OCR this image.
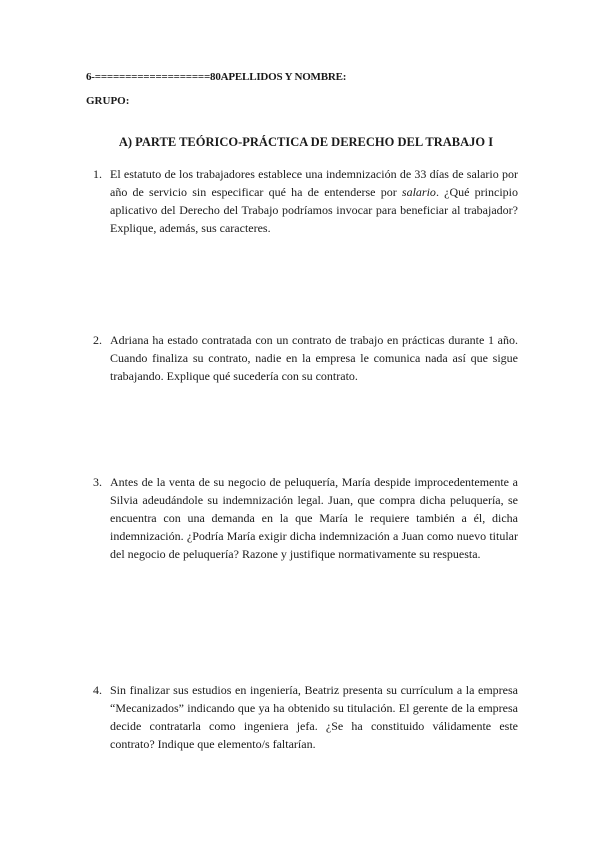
6-===================80APELLIDOS Y NOMBRE:
GRUPO:
A) PARTE TEÓRICO-PRÁCTICA DE DERECHO DEL TRABAJO I
1. El estatuto de los trabajadores establece una indemnización de 33 días de salario por año de servicio sin especificar qué ha de entenderse por salario. ¿Qué principio aplicativo del Derecho del Trabajo podríamos invocar para beneficiar al trabajador? Explique, además, sus caracteres.
2. Adriana ha estado contratada con un contrato de trabajo en prácticas durante 1 año. Cuando finaliza su contrato, nadie en la empresa le comunica nada así que sigue trabajando. Explique qué sucedería con su contrato.
3. Antes de la venta de su negocio de peluquería, María despide improcedentemente a Silvia adeudándole su indemnización legal. Juan, que compra dicha peluquería, se encuentra con una demanda en la que María le requiere también a él, dicha indemnización. ¿Podría María exigir dicha indemnización a Juan como nuevo titular del negocio de peluquería? Razone y justifique normativamente su respuesta.
4. Sin finalizar sus estudios en ingeniería, Beatriz presenta su currículum a la empresa “Mecanizados” indicando que ya ha obtenido su titulación. El gerente de la empresa decide contratarla como ingeniera jefa. ¿Se ha constituido válidamente este contrato? Indique que elemento/s faltarían.
